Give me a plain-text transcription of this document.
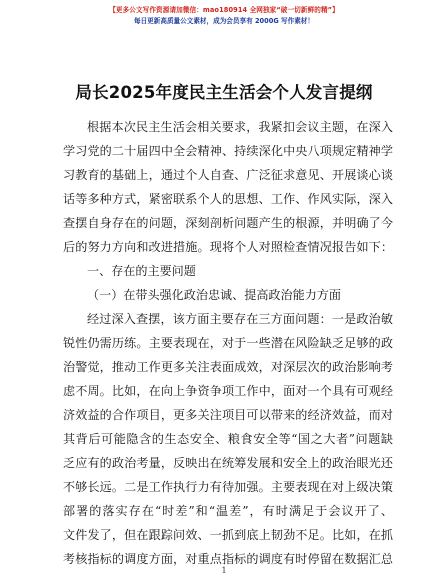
【更多公文写作资源请加微信：mao180914 全网独家“破一切新鲜的精”】
每日更新高质量公文素材，成为会员享有 2000G 写作素材！
局长2025年度民主生活会个人发言提纲
根据本次民主生活会相关要求，我紧扣会议主题，在深入
学习党的二十届四中全会精神、持续深化中央八项规定精神学
习教育的基础上，通过个人自查、广泛征求意见、开展谈心谈
话等多种方式，紧密联系个人的思想、工作、作风实际，深入
查摆自身存在的问题，深刻剖析问题产生的根源，并明确了今
后的努力方向和改进措施。现将个人对照检查情况报告如下：
一、存在的主要问题
（一）在带头强化政治忠诚、提高政治能力方面
经过深入查摆，该方面主要存在三方面问题：一是政治敏
锐性仍需历练。主要表现在，对于一些潜在风险缺乏足够的政
治警觉，推动工作更多关注表面成效，对深层次的政治影响考
虑不周。比如，在向上争资争项工作中，面对一个具有可观经
济效益的合作项目，更多关注项目可以带来的经济效益，而对
其背后可能隐含的生态安全、粮食安全等“国之大者”问题缺
乏应有的政治考量，反映出在统筹发展和安全上的政治眼光还
不够长远。二是工作执行力有待加强。主要表现在对上级决策
部署的落实存在“时差”和“温差”，有时满足于会议开了、
文件发了，但在跟踪问效、一抓到底上韧劲不足。比如，在抓
考核指标的调度方面，对重点指标的调度有时停留在数据汇总
1
